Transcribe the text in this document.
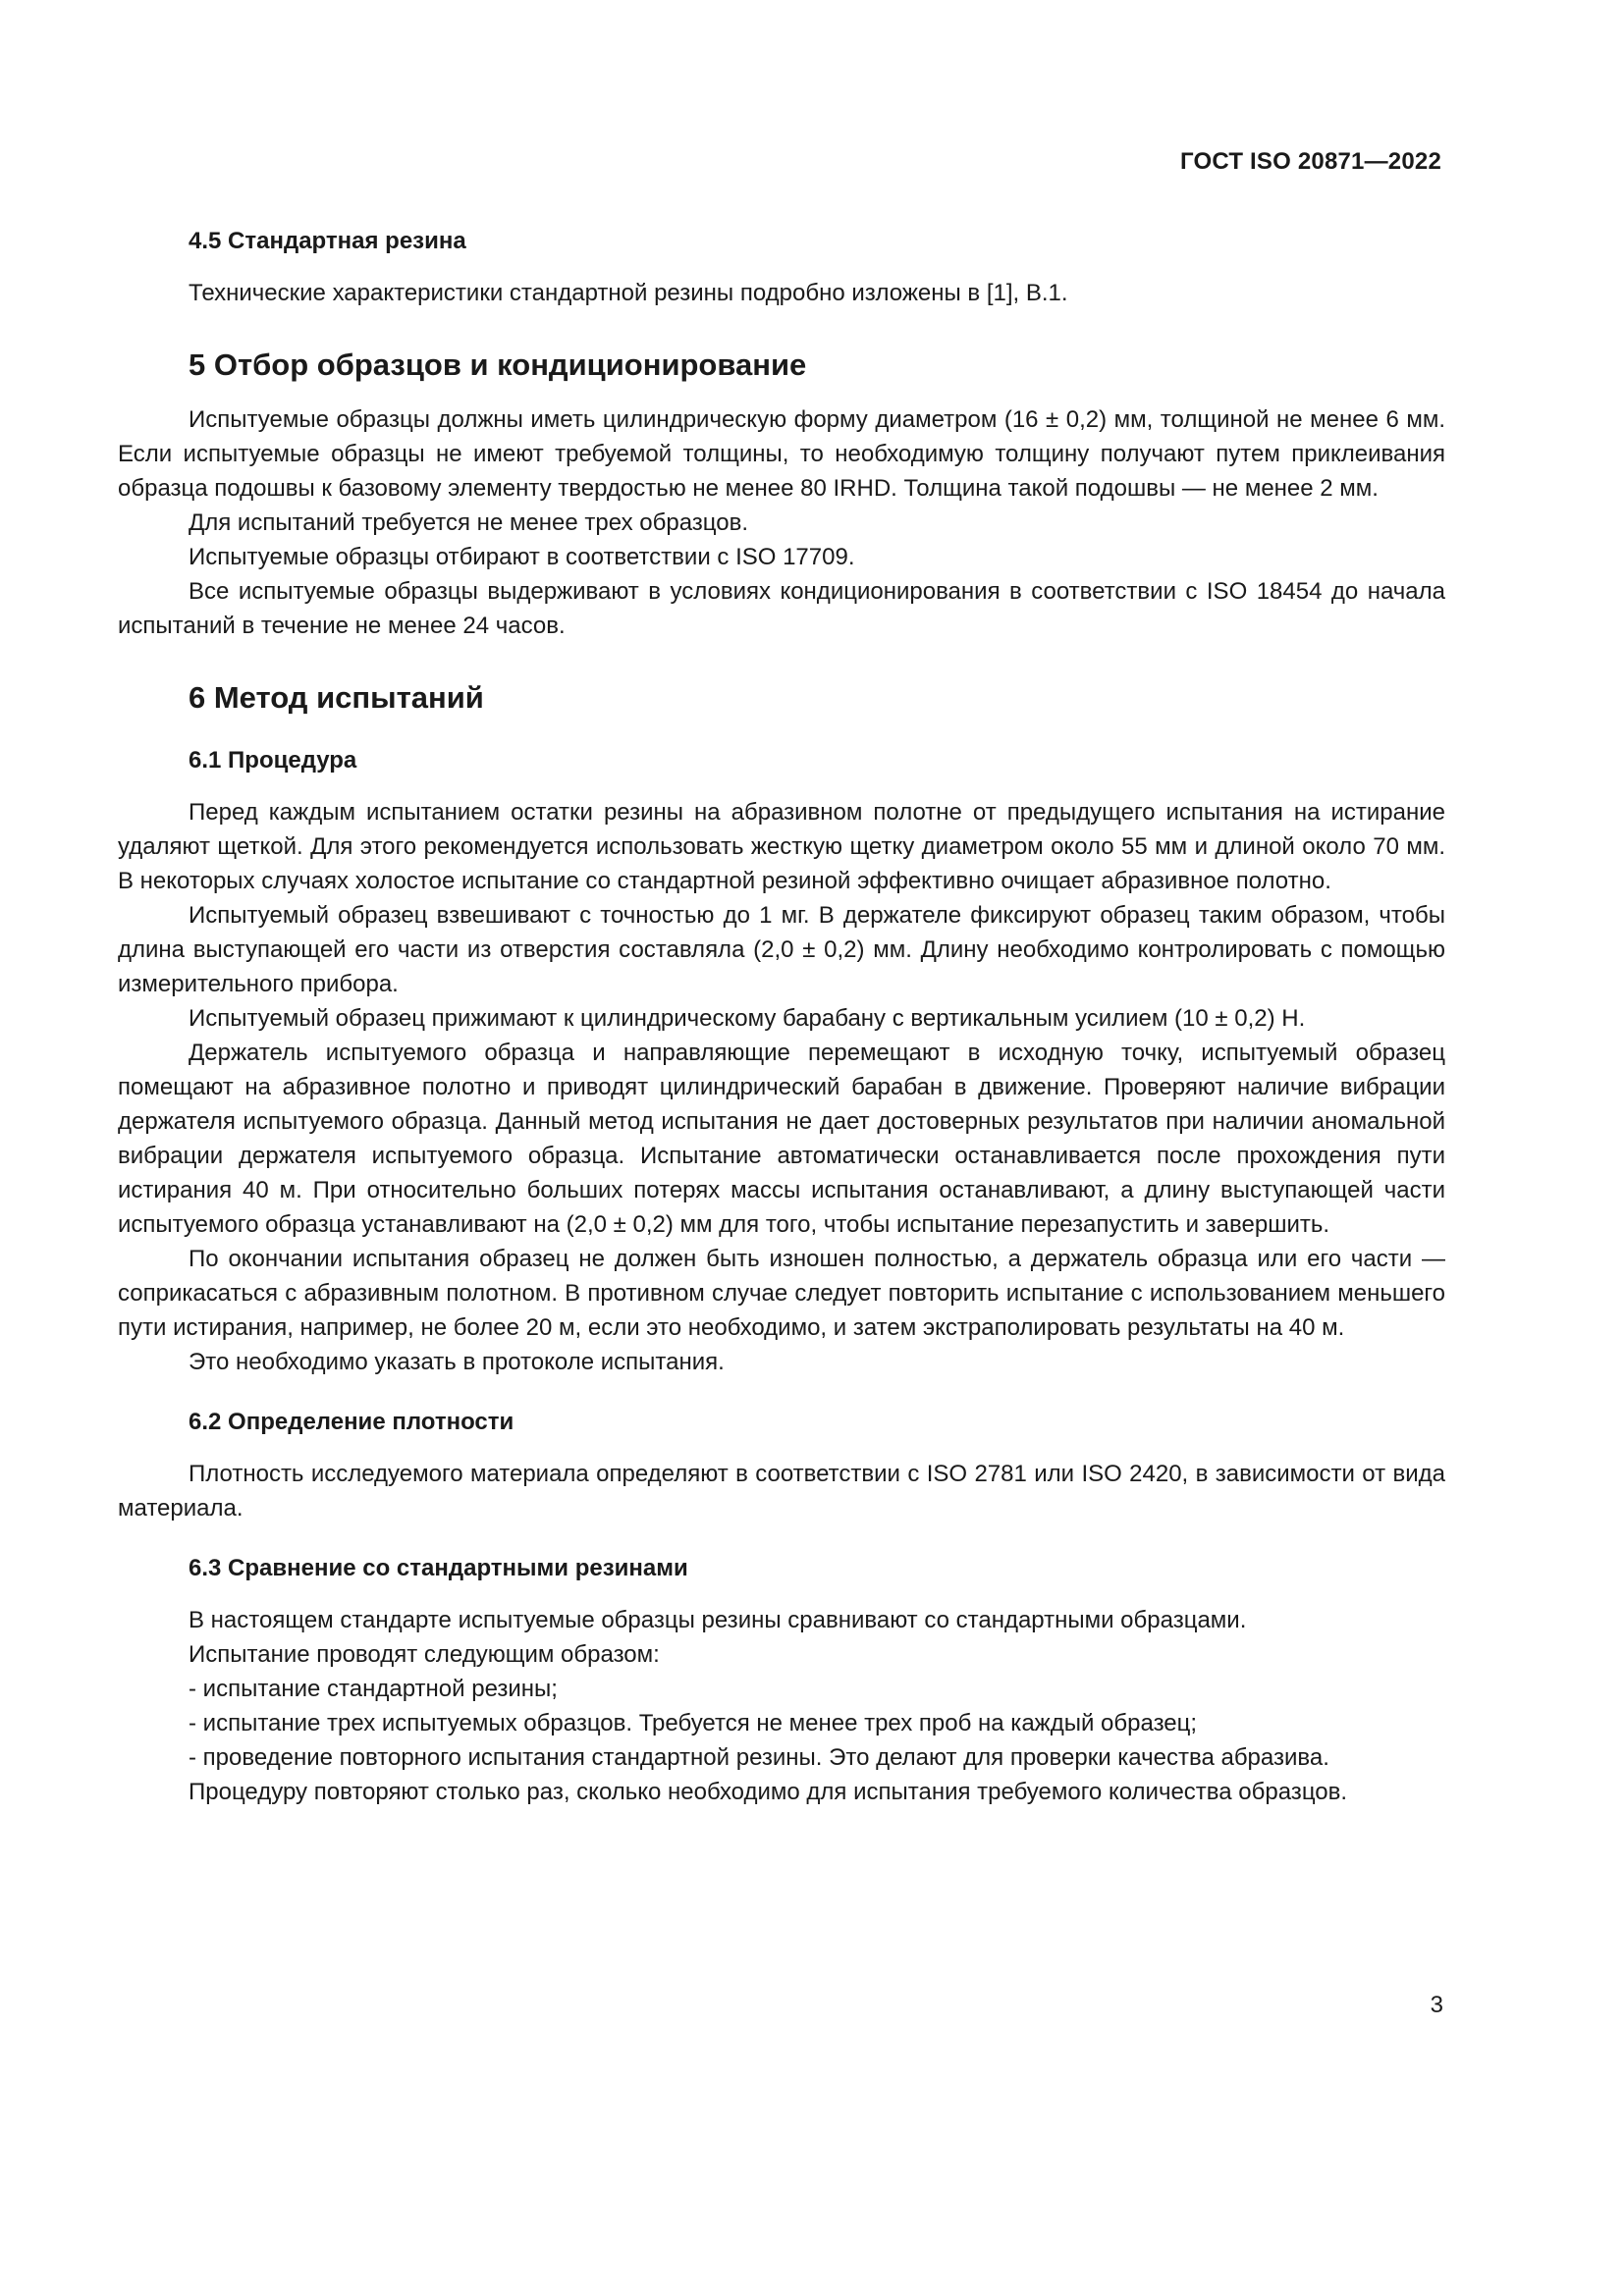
ГОСТ ISO 20871—2022
4.5 Стандартная резина

Технические характеристики стандартной резины подробно изложены в [1], В.1.

5 Отбор образцов и кондиционирование

Испытуемые образцы должны иметь цилиндрическую форму диаметром (16 ± 0,2) мм, толщиной не менее 6 мм. Если испытуемые образцы не имеют требуемой толщины, то необходимую толщину получают путем приклеивания образца подошвы к базовому элементу твердостью не менее 80 IRHD. Толщина такой подошвы — не менее 2 мм.

Для испытаний требуется не менее трех образцов.

Испытуемые образцы отбирают в соответствии с ISO 17709.

Все испытуемые образцы выдерживают в условиях кондиционирования в соответствии с ISO 18454 до начала испытаний в течение не менее 24 часов.

6 Метод испытаний
6.1 Процедура

Перед каждым испытанием остатки резины на абразивном полотне от предыдущего испытания на истирание удаляют щеткой. Для этого рекомендуется использовать жесткую щетку диаметром около 55 мм и длиной около 70 мм. В некоторых случаях холостое испытание со стандартной резиной эффективно очищает абразивное полотно.

Испытуемый образец взвешивают с точностью до 1 мг. В держателе фиксируют образец таким образом, чтобы длина выступающей его части из отверстия составляла (2,0 ± 0,2) мм. Длину необходимо контролировать с помощью измерительного прибора.

Испытуемый образец прижимают к цилиндрическому барабану с вертикальным усилием (10 ± 0,2) Н.

Держатель испытуемого образца и направляющие перемещают в исходную точку, испытуемый образец помещают на абразивное полотно и приводят цилиндрический барабан в движение. Проверяют наличие вибрации держателя испытуемого образца. Данный метод испытания не дает достоверных результатов при наличии аномальной вибрации держателя испытуемого образца. Испытание автоматически останавливается после прохождения пути истирания 40 м. При относительно больших потерях массы испытания останавливают, а длину выступающей части испытуемого образца устанавливают на (2,0 ± 0,2) мм для того, чтобы испытание перезапустить и завершить.

По окончании испытания образец не должен быть изношен полностью, а держатель образца или его части — соприкасаться с абразивным полотном. В противном случае следует повторить испытание с использованием меньшего пути истирания, например, не более 20 м, если это необходимо, и затем экстраполировать результаты на 40 м.

Это необходимо указать в протоколе испытания.

6.2 Определение плотности

Плотность исследуемого материала определяют в соответствии с ISO 2781 или ISO 2420, в зависимости от вида материала.

6.3 Сравнение со стандартными резинами

В настоящем стандарте испытуемые образцы резины сравнивают со стандартными образцами.

Испытание проводят следующим образом:

- испытание стандартной резины;

- испытание трех испытуемых образцов. Требуется не менее трех проб на каждый образец;

- проведение повторного испытания стандартной резины. Это делают для проверки качества абразива.

Процедуру повторяют столько раз, сколько необходимо для испытания требуемого количества образцов.

3
